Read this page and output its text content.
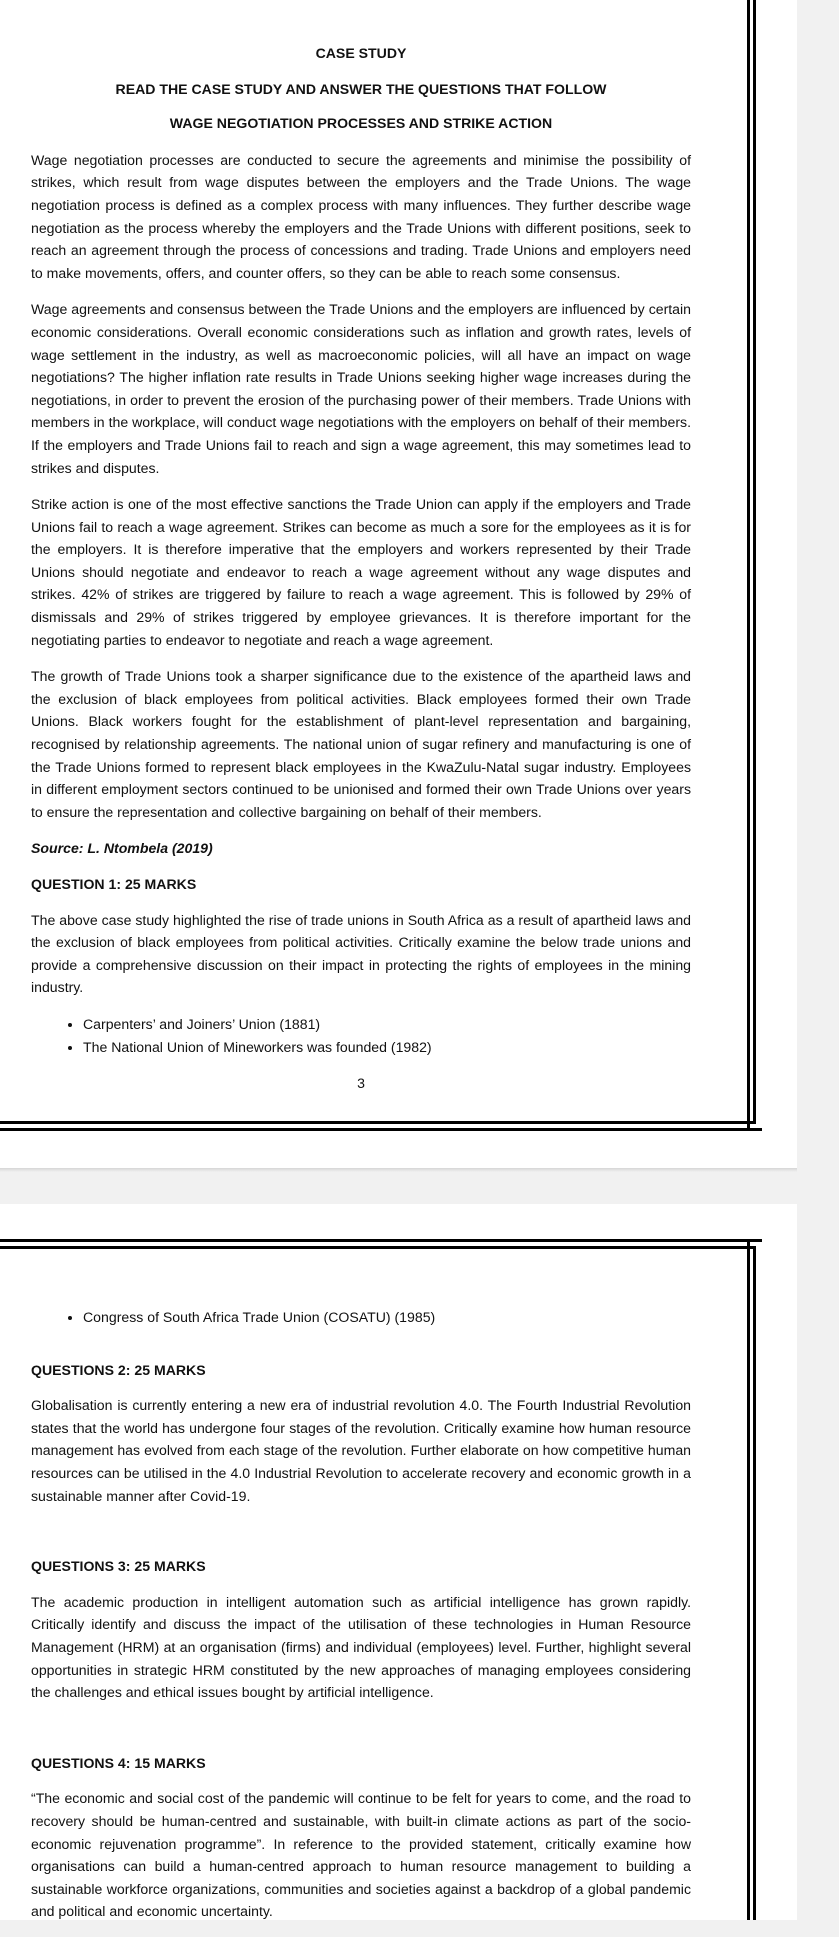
CASE STUDY

READ THE CASE STUDY AND ANSWER THE QUESTIONS THAT FOLLOW

WAGE NEGOTIATION PROCESSES AND STRIKE ACTION

Wage negotiation processes are conducted to secure the agreements and minimise the possibility of strikes, which result from wage disputes between the employers and the Trade Unions. The wage negotiation process is defined as a complex process with many influences. They further describe wage negotiation as the process whereby the employers and the Trade Unions with different positions, seek to reach an agreement through the process of concessions and trading. Trade Unions and employers need to make movements, offers, and counter offers, so they can be able to reach some consensus.

Wage agreements and consensus between the Trade Unions and the employers are influenced by certain economic considerations. Overall economic considerations such as inflation and growth rates, levels of wage settlement in the industry, as well as macroeconomic policies, will all have an impact on wage negotiations? The higher inflation rate results in Trade Unions seeking higher wage increases during the negotiations, in order to prevent the erosion of the purchasing power of their members. Trade Unions with members in the workplace, will conduct wage negotiations with the employers on behalf of their members. If the employers and Trade Unions fail to reach and sign a wage agreement, this may sometimes lead to strikes and disputes.

Strike action is one of the most effective sanctions the Trade Union can apply if the employers and Trade Unions fail to reach a wage agreement. Strikes can become as much a sore for the employees as it is for the employers. It is therefore imperative that the employers and workers represented by their Trade Unions should negotiate and endeavor to reach a wage agreement without any wage disputes and strikes. 42% of strikes are triggered by failure to reach a wage agreement. This is followed by 29% of dismissals and 29% of strikes triggered by employee grievances. It is therefore important for the negotiating parties to endeavor to negotiate and reach a wage agreement.

The growth of Trade Unions took a sharper significance due to the existence of the apartheid laws and the exclusion of black employees from political activities. Black employees formed their own Trade Unions. Black workers fought for the establishment of plant-level representation and bargaining, recognised by relationship agreements. The national union of sugar refinery and manufacturing is one of the Trade Unions formed to represent black employees in the KwaZulu-Natal sugar industry. Employees in different employment sectors continued to be unionised and formed their own Trade Unions over years to ensure the representation and collective bargaining on behalf of their members.

Source: L. Ntombela (2019)

QUESTION 1: 25 MARKS

The above case study highlighted the rise of trade unions in South Africa as a result of apartheid laws and the exclusion of black employees from political activities. Critically examine the below trade unions and provide a comprehensive discussion on their impact in protecting the rights of employees in the mining industry.

• Carpenters’ and Joiners’ Union (1881)
• The National Union of Mineworkers was founded (1982)
3
• Congress of South Africa Trade Union (COSATU) (1985)

QUESTIONS 2: 25 MARKS

Globalisation is currently entering a new era of industrial revolution 4.0. The Fourth Industrial Revolution states that the world has undergone four stages of the revolution. Critically examine how human resource management has evolved from each stage of the revolution. Further elaborate on how competitive human resources can be utilised in the 4.0 Industrial Revolution to accelerate recovery and economic growth in a sustainable manner after Covid-19.

QUESTIONS 3: 25 MARKS

The academic production in intelligent automation such as artificial intelligence has grown rapidly. Critically identify and discuss the impact of the utilisation of these technologies in Human Resource Management (HRM) at an organisation (firms) and individual (employees) level. Further, highlight several opportunities in strategic HRM constituted by the new approaches of managing employees considering the challenges and ethical issues bought by artificial intelligence.

QUESTIONS 4: 15 MARKS

“The economic and social cost of the pandemic will continue to be felt for years to come, and the road to recovery should be human-centred and sustainable, with built-in climate actions as part of the socio-economic rejuvenation programme”. In reference to the provided statement, critically examine how organisations can build a human-centred approach to human resource management to building a sustainable workforce organizations, communities and societies against a backdrop of a global pandemic and political and economic uncertainty.
